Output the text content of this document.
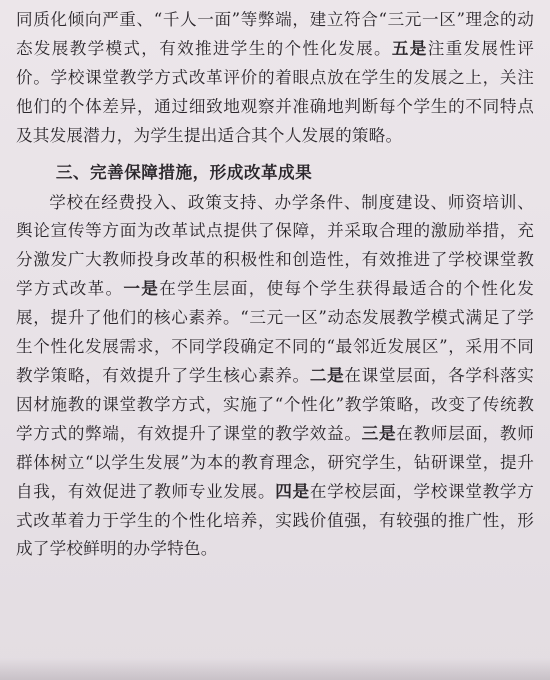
同质化倾向严重、“千人一面”等弊端，建立符合“三元一区”理念的动态发展教学模式，有效推进学生的个性化发展。五是注重发展性评价。学校课堂教学方式改革评价的着眼点放在学生的发展之上，关注他们的个体差异，通过细致地观察并准确地判断每个学生的不同特点及其发展潜力，为学生提出适合其个人发展的策略。

三、完善保障措施，形成改革成果

学校在经费投入、政策支持、办学条件、制度建设、师资培训、舆论宣传等方面为改革试点提供了保障，并采取合理的激励举措，充分激发广大教师投身改革的积极性和创造性，有效推进了学校课堂教学方式改革。一是在学生层面，使每个学生获得最适合的个性化发展，提升了他们的核心素养。“三元一区”动态发展教学模式满足了学生个性化发展需求，不同学段确定不同的“最邻近发展区”，采用不同教学策略，有效提升了学生核心素养。二是在课堂层面，各学科落实因材施教的课堂教学方式，实施了“个性化”教学策略，改变了传统教学方式的弊端，有效提升了课堂的教学效益。三是在教师层面，教师群体树立“以学生发展”为本的教育理念，研究学生，钻研课堂，提升自我，有效促进了教师专业发展。四是在学校层面，学校课堂教学方式改革着力于学生的个性化培养，实践价值强，有较强的推广性，形成了学校鲜明的办学特色。
